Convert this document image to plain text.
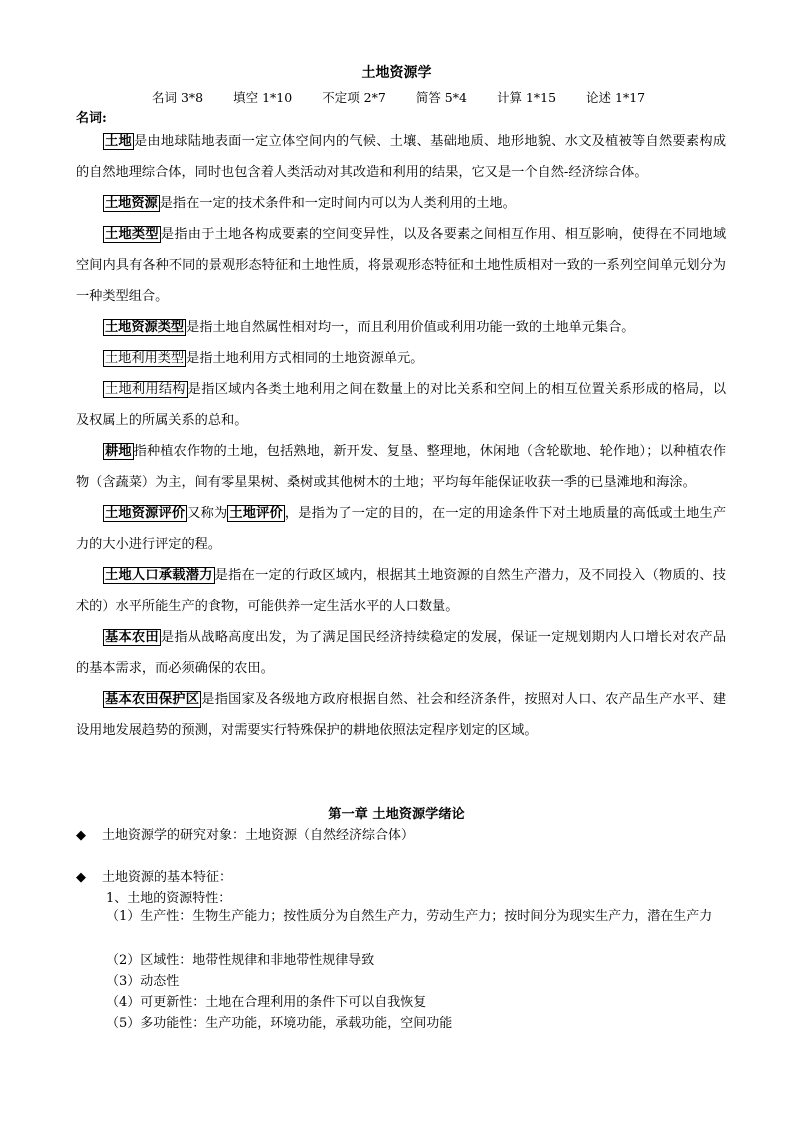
土地资源学
名词 3*8 填空 1*10 不定项 2*7 简答 5*4 计算 1*15 论述 1*17
名词:

土地 是由地球陆地表面一定立体空间内的气候、土壤、基础地质、地形地貌、水文及植被等自然要素构成的自然地理综合体，同时也包含着人类活动对其改造和利用的结果，它又是一个自然-经济综合体。

土地资源 是指在一定的技术条件和一定时间内可以为人类利用的土地。

土地类型 是指由于土地各构成要素的空间变异性，以及各要素之间相互作用、相互影响，使得在不同地域空间内具有各种不同的景观形态特征和土地性质，将景观形态特征和土地性质相对一致的一系列空间单元划分为一种类型组合。

土地资源类型 是指土地自然属性相对均一，而且利用价值或利用功能一致的土地单元集合。

土地利用类型 是指土地利用方式相同的土地资源单元。

土地利用结构 是指区域内各类土地利用之间在数量上的对比关系和空间上的相互位置关系形成的格局，以及权属上的所属关系的总和。

耕地 指种植农作物的土地，包括熟地，新开发、复垦、整理地，休闲地（含轮歇地、轮作地）；以种植农作物（含蔬菜）为主，间有零星果树、桑树或其他树木的土地；平均每年能保证收获一季的已垦滩地和海涂。

土地资源评价 又称为 土地评价 ，是指为了一定的目的，在一定的用途条件下对土地质量的高低或土地生产力的大小进行评定的程。

土地人口承载潜力 是指在一定的行政区域内，根据其土地资源的自然生产潜力，及不同投入（物质的、技术的）水平所能生产的食物，可能供养一定生活水平的人口数量。

基本农田 是指从战略高度出发，为了满足国民经济持续稳定的发展，保证一定规划期内人口增长对农产品的基本需求，而必须确保的农田。

基本农田保护区 是指国家及各级地方政府根据自然、社会和经济条件，按照对人口、农产品生产水平、建设用地发展趋势的预测，对需要实行特殊保护的耕地依照法定程序划定的区域。

第一章 土地资源学绪论
◆ 土地资源学的研究对象：土地资源（自然经济综合体）
◆ 土地资源的基本特征：
1、土地的资源特性：
（1）生产性：生物生产能力；按性质分为自然生产力，劳动生产力；按时间分为现实生产力，潜在生产力
（2）区域性：地带性规律和非地带性规律导致
（3）动态性
（4）可更新性：土地在合理利用的条件下可以自我恢复
（5）多功能性：生产功能，环境功能，承载功能，空间功能
